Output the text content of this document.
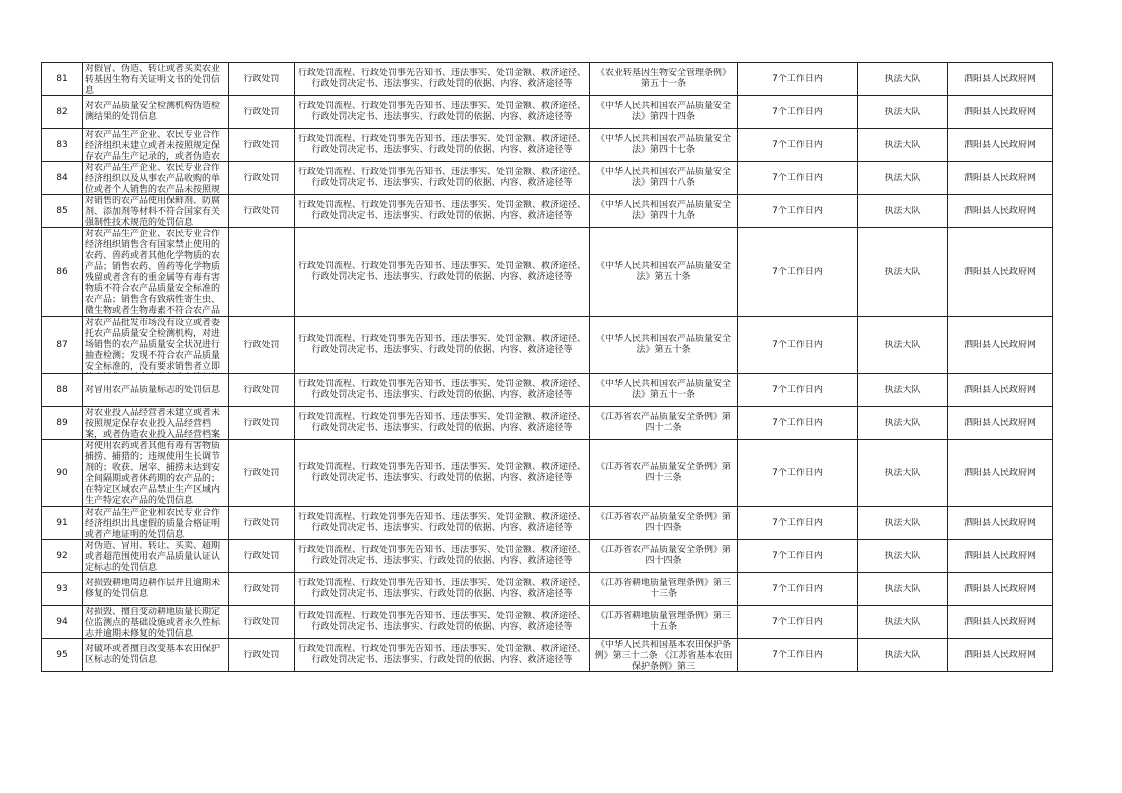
81	对假冒、伪造、转让或者买卖农业转基因生物有关证明文书的处罚信息	行政处罚	行政处罚流程、行政处罚事先告知书、违法事实、处罚金额、救济途径、行政处罚决定书、违法事实、行政处罚的依据、内容、救济途径等	《农业转基因生物安全管理条例》第五十一条	7个工作日内	执法大队	泗阳县人民政府网

82	对农产品质量安全检测机构伪造检测结果的处罚信息	行政处罚	行政处罚流程、行政处罚事先告知书、违法事实、处罚金额、救济途径、行政处罚决定书、违法事实、行政处罚的依据、内容、救济途径等	《中华人民共和国农产品质量安全法》第四十四条	7个工作日内	执法大队	泗阳县人民政府网

83	对农产品生产企业、农民专业合作经济组织未建立或者未按照规定保存农产品生产记录的，或者伪造农	行政处罚	行政处罚流程、行政处罚事先告知书、违法事实、处罚金额、救济途径、行政处罚决定书、违法事实、行政处罚的依据、内容、救济途径等	《中华人民共和国农产品质量安全法》第四十七条	7个工作日内	执法大队	泗阳县人民政府网

84	对农产品生产企业、农民专业合作经济组织以及从事农产品收购的单位或者个人销售的农产品未按照规	行政处罚	行政处罚流程、行政处罚事先告知书、违法事实、处罚金额、救济途径、行政处罚决定书、违法事实、行政处罚的依据、内容、救济途径等	《中华人民共和国农产品质量安全法》第四十八条	7个工作日内	执法大队	泗阳县人民政府网

85	对销售的农产品使用保鲜剂、防腐剂、添加剂等材料不符合国家有关强制性技术规范的处罚信息	行政处罚	行政处罚流程、行政处罚事先告知书、违法事实、处罚金额、救济途径、行政处罚决定书、违法事实、行政处罚的依据、内容、救济途径等	《中华人民共和国农产品质量安全法》第四十九条	7个工作日内	执法大队	泗阳县人民政府网

86	对农产品生产企业、农民专业合作经济组织销售含有国家禁止使用的农药、兽药或者其他化学物质的农产品；销售农药、兽药等化学物质残留或者含有的重金属等有毒有害物质不符合农产品质量安全标准的农产品；销售含有致病性寄生虫、微生物或者生物毒素不符合农产品		行政处罚流程、行政处罚事先告知书、违法事实、处罚金额、救济途径、行政处罚决定书、违法事实、行政处罚的依据、内容、救济途径等	《中华人民共和国农产品质量安全法》第五十条	7个工作日内	执法大队	泗阳县人民政府网

87	对农产品批发市场没有设立或者委托农产品质量安全检测机构，对进场销售的农产品质量安全状况进行抽查检测；发现不符合农产品质量安全标准的，没有要求销售者立即	行政处罚	行政处罚流程、行政处罚事先告知书、违法事实、处罚金额、救济途径、行政处罚决定书、违法事实、行政处罚的依据、内容、救济途径等	《中华人民共和国农产品质量安全法》第五十条	7个工作日内	执法大队	泗阳县人民政府网

88	对冒用农产品质量标志的处罚信息	行政处罚	行政处罚流程、行政处罚事先告知书、违法事实、处罚金额、救济途径、行政处罚决定书、违法事实、行政处罚的依据、内容、救济途径等	《中华人民共和国农产品质量安全法》第五十一条	7个工作日内	执法大队	泗阳县人民政府网

89	对农业投入品经营者未建立或者未按照规定保存农业投入品经营档案，或者伪造农业投入品经营档案	行政处罚	行政处罚流程、行政处罚事先告知书、违法事实、处罚金额、救济途径、行政处罚决定书、违法事实、行政处罚的依据、内容、救济途径等	《江苏省农产品质量安全条例》第四十二条	7个工作日内	执法大队	泗阳县人民政府网

90	对使用农药或者其他有毒有害物质捕捞、捕猎的；违规使用生长调节剂的；收获、屠宰、捕捞未达到安全间隔期或者休药期的农产品的；在特定区域农产品禁止生产区域内生产特定农产品的处罚信息	行政处罚	行政处罚流程、行政处罚事先告知书、违法事实、处罚金额、救济途径、行政处罚决定书、违法事实、行政处罚的依据、内容、救济途径等	《江苏省农产品质量安全条例》第四十三条	7个工作日内	执法大队	泗阳县人民政府网

91	对农产品生产企业和农民专业合作经济组织出具虚假的质量合格证明或者产地证明的处罚信息	行政处罚	行政处罚流程、行政处罚事先告知书、违法事实、处罚金额、救济途径、行政处罚决定书、违法事实、行政处罚的依据、内容、救济途径等	《江苏省农产品质量安全条例》第四十四条	7个工作日内	执法大队	泗阳县人民政府网

92	对伪造、冒用、转让、买卖、超期或者超范围使用农产品质量认证认定标志的处罚信息	行政处罚	行政处罚流程、行政处罚事先告知书、违法事实、处罚金额、救济途径、行政处罚决定书、违法事实、行政处罚的依据、内容、救济途径等	《江苏省农产品质量安全条例》第四十四条	7个工作日内	执法大队	泗阳县人民政府网

93	对损毁耕地周边耕作层并且逾期未修复的处罚信息	行政处罚	行政处罚流程、行政处罚事先告知书、违法事实、处罚金额、救济途径、行政处罚决定书、违法事实、行政处罚的依据、内容、救济途径等	《江苏省耕地质量管理条例》第三十三条	7个工作日内	执法大队	泗阳县人民政府网

94	对损毁、擅自变动耕地质量长期定位监测点的基础设施或者永久性标志并逾期未修复的处罚信息	行政处罚	行政处罚流程、行政处罚事先告知书、违法事实、处罚金额、救济途径、行政处罚决定书、违法事实、行政处罚的依据、内容、救济途径等	《江苏省耕地质量管理条例》第三十五条	7个工作日内	执法大队	泗阳县人民政府网

95	对破坏或者擅自改变基本农田保护区标志的处罚信息	行政处罚	行政处罚流程、行政处罚事先告知书、违法事实、处罚金额、救济途径、行政处罚决定书、违法事实、行政处罚的依据、内容、救济途径等	《中华人民共和国基本农田保护条例》第三十二条 《江苏省基本农田保护条例》第三	7个工作日内	执法大队	泗阳县人民政府网
